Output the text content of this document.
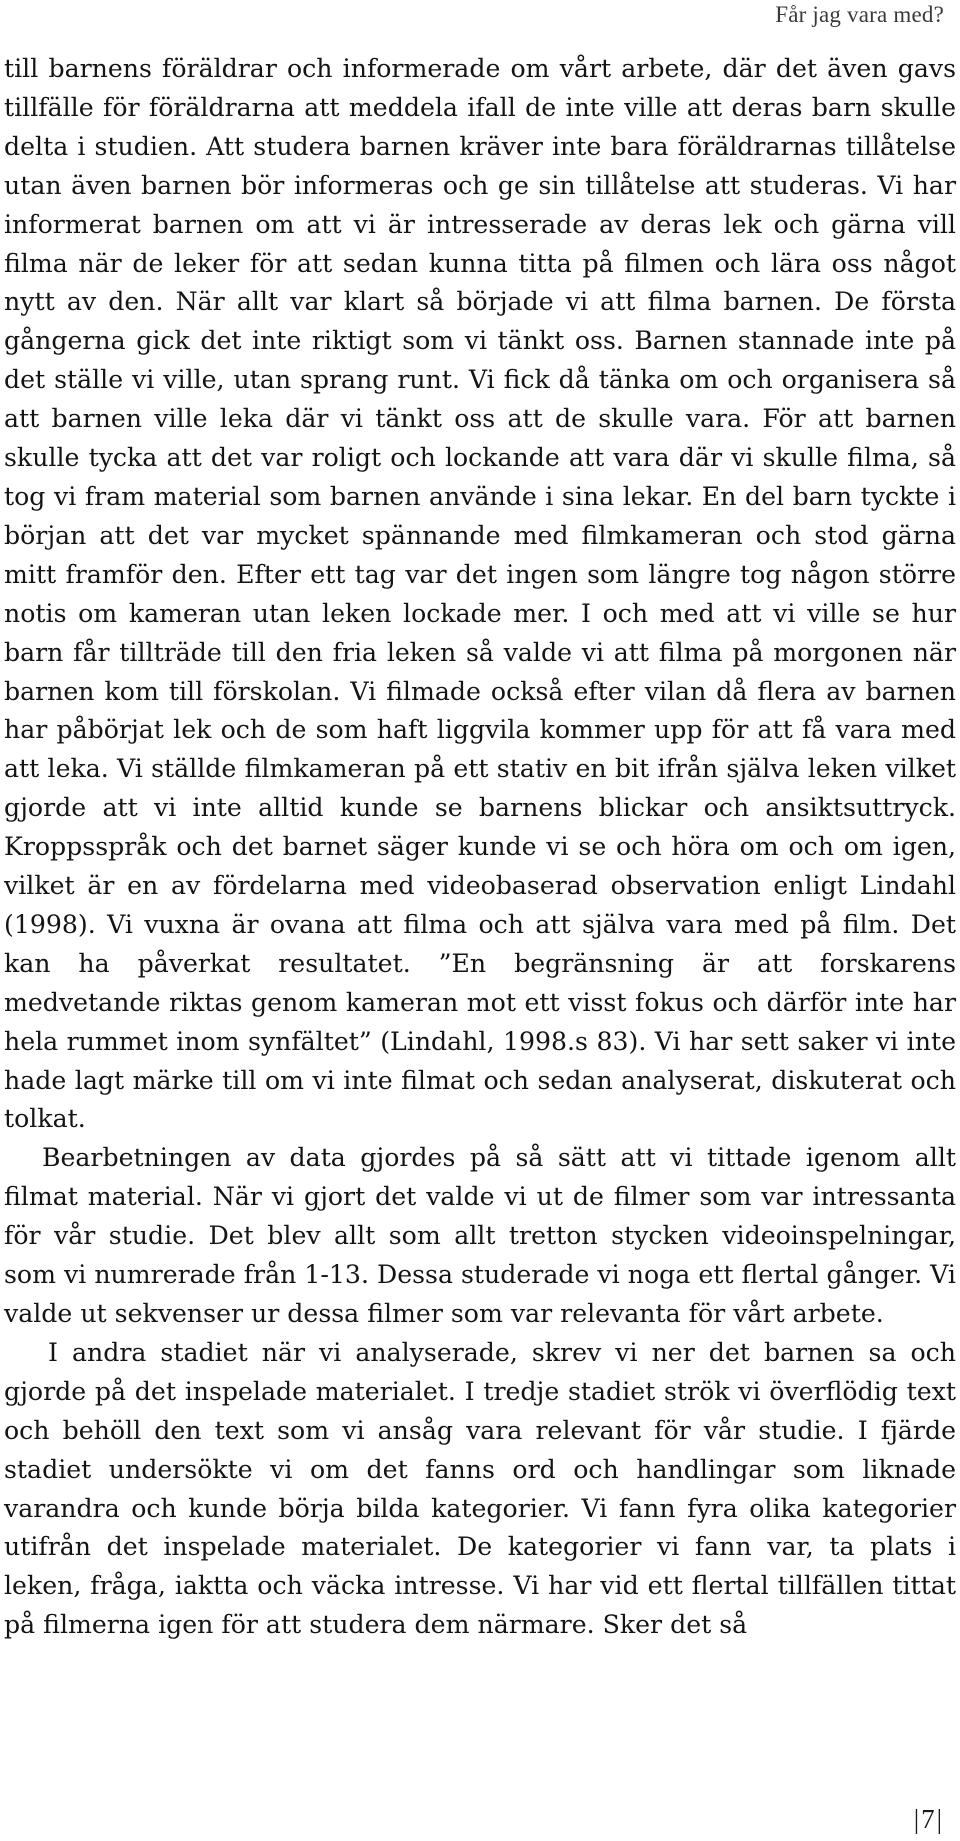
Får jag vara med?

till barnens föräldrar och informerade om vårt arbete, där det även gavs tillfälle för föräldrarna att meddela ifall de inte ville att deras barn skulle delta i studien. Att studera barnen kräver inte bara föräldrarnas tillåtelse utan även barnen bör informeras och ge sin tillåtelse att studeras. Vi har informerat barnen om att vi är intresserade av deras lek och gärna vill filma när de leker för att sedan kunna titta på filmen och lära oss något nytt av den. När allt var klart så började vi att filma barnen. De första gångerna gick det inte riktigt som vi tänkt oss. Barnen stannade inte på det ställe vi ville, utan sprang runt. Vi fick då tänka om och organisera så att barnen ville leka där vi tänkt oss att de skulle vara. För att barnen skulle tycka att det var roligt och lockande att vara där vi skulle filma, så tog vi fram material som barnen använde i sina lekar. En del barn tyckte i början att det var mycket spännande med filmkameran och stod gärna mitt framför den. Efter ett tag var det ingen som längre tog någon större notis om kameran utan leken lockade mer. I och med att vi ville se hur barn får tillträde till den fria leken så valde vi att filma på morgonen när barnen kom till förskolan. Vi filmade också efter vilan då flera av barnen har påbörjat lek och de som haft liggvila kommer upp för att få vara med att leka. Vi ställde filmkameran på ett stativ en bit ifrån själva leken vilket gjorde att vi inte alltid kunde se barnens blickar och ansiktsuttryck. Kroppsspråk och det barnet säger kunde vi se och höra om och om igen, vilket är en av fördelarna med videobaserad observation enligt Lindahl (1998). Vi vuxna är ovana att filma och att själva vara med på film. Det kan ha påverkat resultatet. ”En begränsning är att forskarens medvetande riktas genom kameran mot ett visst fokus och därför inte har hela rummet inom synfältet” (Lindahl, 1998.s 83). Vi har sett saker vi inte hade lagt märke till om vi inte filmat och sedan analyserat, diskuterat och tolkat.

Bearbetningen av data gjordes på så sätt att vi tittade igenom allt filmat material. När vi gjort det valde vi ut de filmer som var intressanta för vår studie. Det blev allt som allt tretton stycken videoinspelningar, som vi numrerade från 1-13. Dessa studerade vi noga ett flertal gånger. Vi valde ut sekvenser ur dessa filmer som var relevanta för vårt arbete.

I andra stadiet när vi analyserade, skrev vi ner det barnen sa och gjorde på det inspelade materialet. I tredje stadiet strök vi överflödig text och behöll den text som vi ansåg vara relevant för vår studie. I fjärde stadiet undersökte vi om det fanns ord och handlingar som liknade varandra och kunde börja bilda kategorier. Vi fann fyra olika kategorier utifrån det inspelade materialet. De kategorier vi fann var, ta plats i leken, fråga, iaktta och väcka intresse. Vi har vid ett flertal tillfällen tittat på filmerna igen för att studera dem närmare. Sker det så

|7|
